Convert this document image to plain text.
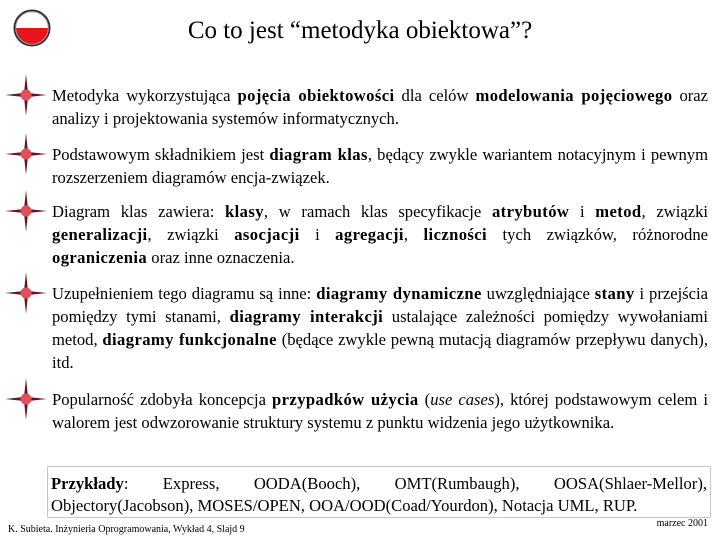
Co to jest “metodyka obiektowa”?
Metodyka wykorzystująca pojęcia obiektowości dla celów modelowania pojęciowego oraz analizy i projektowania systemów informatycznych.
Podstawowym składnikiem jest diagram klas, będący zwykle wariantem notacyjnym i pewnym rozszerzeniem diagramów encja-związek.
Diagram klas zawiera: klasy, w ramach klas specyfikacje atrybutów i metod, związki generalizacji, związki asocjacji i agregacji, liczności tych związków, różnorodne ograniczenia oraz inne oznaczenia.
Uzupełnieniem tego diagramu są inne: diagramy dynamiczne uwzględniające stany i przejścia pomiędzy tymi stanami, diagramy interakcji ustalające zależności pomiędzy wywołaniami metod, diagramy funkcjonalne (będące zwykle pewną mutacją diagramów przepływu danych), itd.
Popularność zdobyła koncepcja przypadków użycia (use cases), której podstawowym celem i walorem jest odwzorowanie struktury systemu z punktu widzenia jego użytkownika.
Przykłady: Express, OODA(Booch), OMT(Rumbaugh), OOSA(Shlaer-Mellor), Objectory(Jacobson), MOSES/OPEN, OOA/OOD(Coad/Yourdon), Notacja UML, RUP.
K. Subieta. Inżynieria Oprogramowania, Wykład 4, Slajd 9
marzec 2001
